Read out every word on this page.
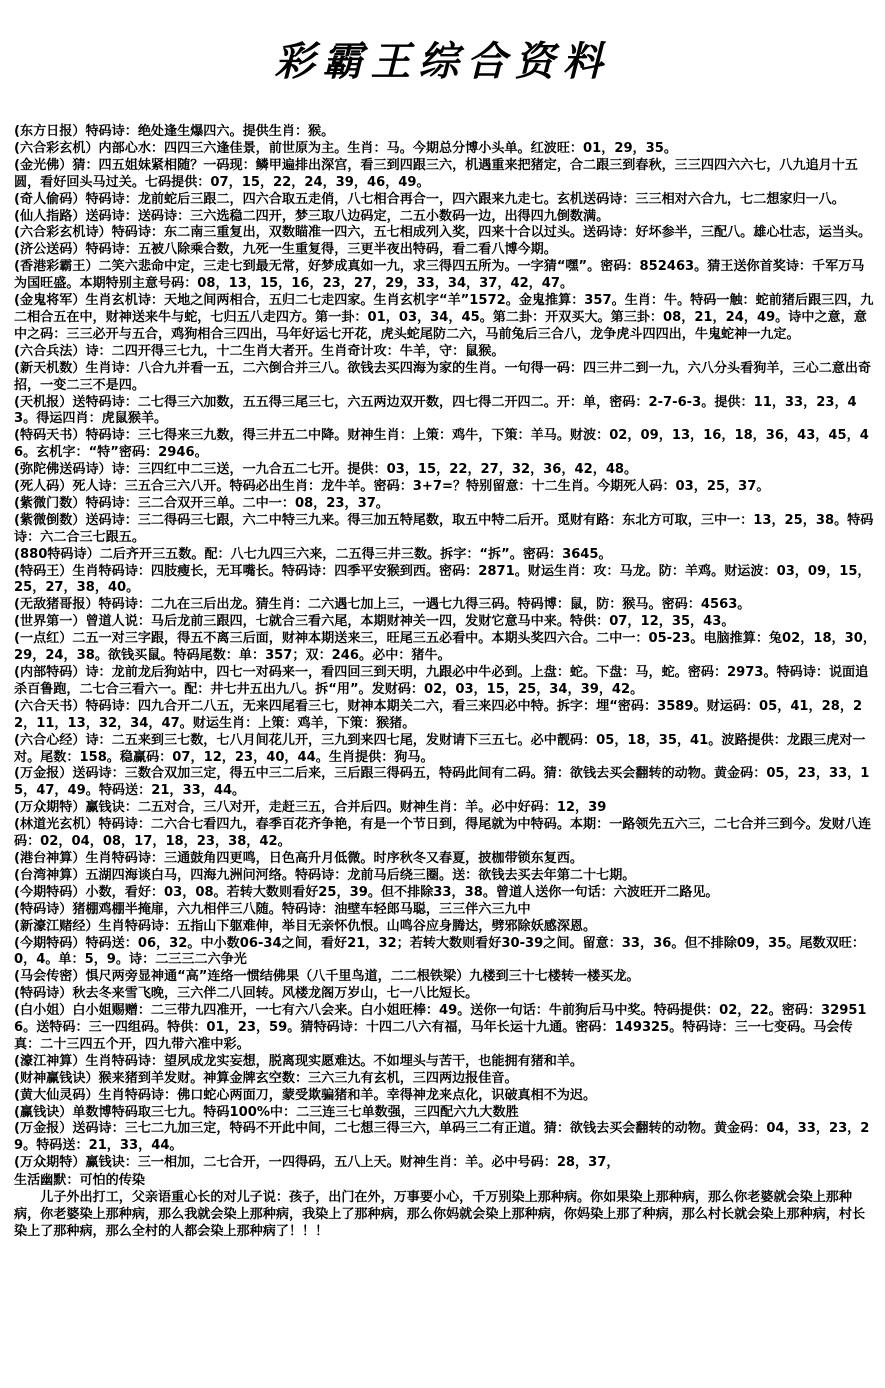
彩霸王综合资料

(东方日报）特码诗：绝处逢生爆四六。提供生肖：猴。

(六合彩玄机）内部心水：四四三六逢佳景，前世原为主。生肖：马。今期总分博小头单。红波旺：01，29，35。

(金光佛）猜：四五姐妹紧相随？一码现：鳞甲遍排出深宫，看三到四跟三六，机遇重来把猪定，合二跟三到春秋，三三四四六六七，八九追月十五圆，看好回头马过关。七码提供：07，15，22，24，39，46，49。

(奇人偷码）特码诗：龙前蛇后三跟二，四六合取五走俏，八七相合再合一，四六跟来九走七。玄机送码诗：三三相对六合九，七二想家归一八。

(仙人指路）送码诗：送码诗：三六选稳二四开，梦三取八边码定，二五小数码一边，出得四九倒数满。

(六合彩玄机诗）特码诗：东二南三重复出，双数瞄准一四六，五七相成列入奖，四来十合以过头。送码诗：好坏参半，三配八。雄心壮志，运当头。

(济公送码）特码诗：五被八除乘合数，九死一生重复得，三更半夜出特码，看二看八博今期。

(香港彩霸王）二笑六悲命中定，三走七到最无常，好梦成真如一九，求三得四五所为。一字猜“嘿”。密码：852463。猜王送你首奖诗：千军万马为国旺盛。本期特别主意号码：08，13，15，16，23，27，29，33，34，37，42，47。

(金鬼将军）生肖玄机诗：天地之间两相合，五归二七走四家。生肖玄机字“羊”1572。金鬼推算：357。生肖：牛。特码一触：蛇前猪后跟三四，九二相合五在中，财神送来牛与蛇，七归五八走四方。第一卦：01，03，34，45。第二卦：开双买大。第三卦：08，21，24，49。诗中之意，意中之码：三三必开与五合，鸡狗相合三四出，马年好运七开花，虎头蛇尾防二六，马前兔后三合八，龙争虎斗四四出，牛鬼蛇神一九定。

(六合兵法）诗：二四开得三七九，十二生肖大者开。生肖奇计攻：牛羊，守：鼠猴。

(新天机数）生肖诗：八合九并看一五，二六倒合并三八。欲钱去买四海为家的生肖。一句得一码：四三井二到一九，六八分头看狗羊，三心二意出奇招，一变二三不是四。

(天机报）送特码诗：二七得三六加数，五五得三尾三七，六五两边双开数，四七得二开四二。开：单，密码：2-7-6-3。提供：11，33，23，43。得运四肖：虎鼠猴羊。

(特码天书）特码诗：三七得来三九数，得三井五二中降。财神生肖：上策：鸡牛，下策：羊马。财波：02，09，13，16，18，36，43，45，46。玄机字：“特”密码：2946。

(弥陀佛送码诗）诗：三四红中二三送，一九合五二七开。提供：03，15，22，27，32，36，42，48。

(死人码）死人诗：三五合三六八开。特码必出生肖：龙牛羊。密码：3+7=？特别留意：十二生肖。今期死人码：03，25，37。

(紫微门数）特码诗：三二合双开三单。二中一：08，23，37。

(紫微倒数）送码诗：三二得码三七跟，六二中特三九来。得三加五特尾数，取五中特二后开。觅财有路：东北方可取，三中一：13，25，38。特码诗：六二合三七跟五。

(880特码诗）二后齐开三五数。配：八七九四三六来，二五得三井三数。拆字：“拆”。密码：3645。

(特码王）生肖特码诗：四肢瘦长，无耳嘴长。特码诗：四季平安猴到西。密码：2871。财运生肖：攻：马龙。防：羊鸡。财运波：03，09，15，25，27，38，40。

(无敌猪哥报）特码诗：二九在三后出龙。猜生肖：二六遇七加上三，一遇七九得三码。特码博：鼠，防：猴马。密码：4563。

(世界第一）曾道人说：马后龙前三跟四，七就合三看六尾，本期财神关一四，发财它意马中来。特供：07，12，35，43。

(一点红）二五一对三字跟，得五不离三后面，财神本期送来三，旺尾三五必看中。本期头奖四六合。二中一：05-23。电脑推算：兔02，18，30，29，24，38。欲钱买鼠。特码尾数：单：357；双：246。必中：猪牛。

(内部特码）诗：龙前龙后狗站中，四七一对码来一，看四回三到天明，九跟必中牛必到。上盘：蛇。下盘：马，蛇。密码：2973。特码诗：说面追杀百鲁跑，二七合三看六一。配：井七井五出九八。拆“用”。发财码：02，03，15，25，34，39，42。

(六合天书）特码诗：四九合开二八五，无来四尾看三七，财神本期关二六，看三来四必中特。拆字：埋“密码：3589。财运码：05，41，28，22，11，13，32，34，47。财运生肖：上策：鸡羊，下策：猴猪。

(六合心经）诗：二五来到三七数，七八月间花儿开，三九到来四七尾，发财请下三五七。必中靓码：05，18，35，41。波路提供：龙跟三虎对一对。尾数：158。稳赢码：07，12，23，40，44。生肖提供：狗马。

(万金报）送码诗：三数合双加三定，得五中三二后来，三后跟三得码五，特码此间有二码。猜：欲钱去买会翻转的动物。黄金码：05，23，33，15，47，49。特码送：21，33，44。

(万众期特）赢钱诀：二五对合，三八对开，走赶三五，合并后四。财神生肖：羊。必中好码：12，39

(林道光玄机）特码诗：二六合七看四九，春季百花齐争艳，有是一个节日到，得尾就为中特码。本期：一路领先五六三，二七合并三到今。发财八连码：02，04，08，17，18，23，38，42。

(港台神算）生肖特码诗：三通鼓角四更鸣，日色高升月低微。时序秋冬又春夏，披枷带锁东复西。

(台湾神算）五湖四海谈白马，四海九洲问河络。特码诗：龙前马后绕三圈。送：欲钱去买去年第二十七期。

(今期特码）小数，看好：03，08。若转大数则看好25，39。但不排除33，38。曾道人送你一句话：六波旺开二路见。

(特码诗）猪棚鸡棚半掩扉，六九相伴三八随。特码诗：油壁车轻郎马聪，三三伴六三九中

(新濠江赌经）生肖特码诗：五指山下躯难伸，举目无亲怀仇恨。山鸣谷应身腾达，劈邪除妖感深恩。

(今期特码）特码送：06，32。中小数06-34之间，看好21，32；若转大数则看好30-39之间。留意：33，36。但不排除09，35。尾数双旺：0，4。单：5，9。诗：二三三二六争光

(马会传密）惧尺两旁显神通“高”连络一惯结佛果（八千里鸟道，二二根铁梁）九楼到三十七楼转一楼买龙。

(特码诗）秋去冬来雪飞晚，三六伴二八回转。风楼龙阁万岁山，七一八比短长。

(白小姐）白小姐赐赠：二三带九四准开，一七有六八会来。白小姐旺棒：49。送你一句话：牛前狗后马中奖。特码提供：02，22。密码：329516。送特码：三一四组码。特供：01，23，59。猜特码诗：十四二八六有福，马年长运十九通。密码：149325。特码诗：三一七变码。马会传真：二十三四五个开，四九带六准中彩。

(濠江神算）生肖特码诗：望夙成龙实妄想，脱离现实愿难达。不如埋头与苦干，也能拥有猪和羊。

(财神赢钱诀）猴来猪到羊发财。神算金牌玄空数：三六三九有玄机，三四两边报佳音。

(黄大仙灵码）生肖特码诗：佛口蛇心两面刀，蒙受欺骗猪和羊。幸得神龙来点化，识破真相不为迟。

(赢钱诀）单数博特码取三七九。特码100%中：二三连三七单数强，三四配六九大数胜

(万金报）送码诗：三七二九加三定，特码不开此中间，二七想三得三六，单码三二有正道。猜：欲钱去买会翻转的动物。黄金码：04，33，23，29。特码送：21，33，44。

(万众期特）赢钱诀：三一相加，二七合开，一四得码，五八上天。财神生肖：羊。必中号码：28，37，

生活幽默：可怕的传染

儿子外出打工，父亲语重心长的对儿子说：孩子，出门在外，万事要小心，千万别染上那种病。你如果染上那种病，那么你老婆就会染上那种病，你老婆染上那种病，那么我就会染上那种病，我染上了那种病，那么你妈就会染上那种病，你妈染上那了种病，那么村长就会染上那种病，村长染上了那种病，那么全村的人都会染上那种病了！！！
